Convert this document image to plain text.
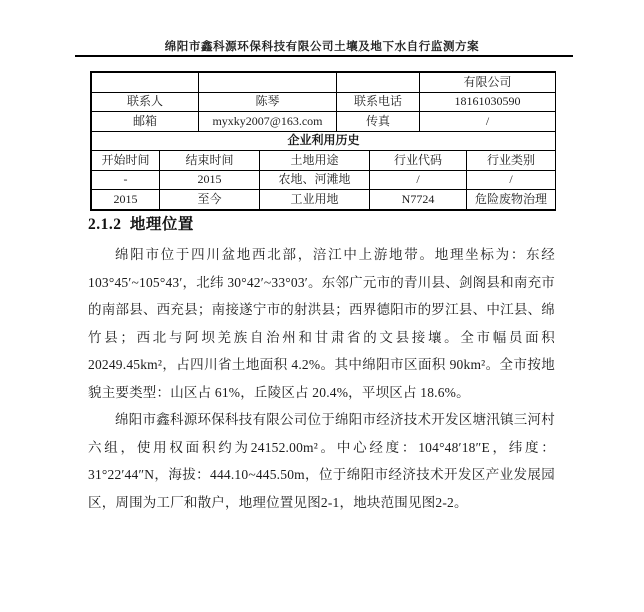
绵阳市鑫科源环保科技有限公司土壤及地下水自行监测方案
			有限公司
联系人	陈琴	联系电话	18161030590
邮箱	myxky2007@163.com	传真	/
企业利用历史				
开始时间	结束时间	土地用途	行业代码	行业类别
-	2015	农地、河滩地	/	/
2015	至今	工业用地	N7724	危险废物治理
2.1.2 地理位置

绵阳市位于四川盆地西北部，涪江中上游地带。地理坐标为：东经 103°45′~105°43′，北纬 30°42′~33°03′。东邻广元市的青川县、剑阁县和南充市的南部县、西充县；南接遂宁市的射洪县；西界德阳市的罗江县、中江县、绵竹县；西北与阿坝羌族自治州和甘肃省的文县接壤。全市幅员面积 20249.45km²，占四川省土地面积 4.2%。其中绵阳市区面积 90km²。全市按地貌主要类型：山区占 61%，丘陵区占 20.4%，平坝区占 18.6%。

绵阳市鑫科源环保科技有限公司位于绵阳市经济技术开发区塘汛镇三河村六组，使用权面积约为24152.00m²。中心经度：104°48′18″E，纬度：31°22′44″N，海拔：444.10~445.50m，位于绵阳市经济技术开发区产业发展园区，周围为工厂和散户，地理位置见图2-1，地块范围见图2-2。
